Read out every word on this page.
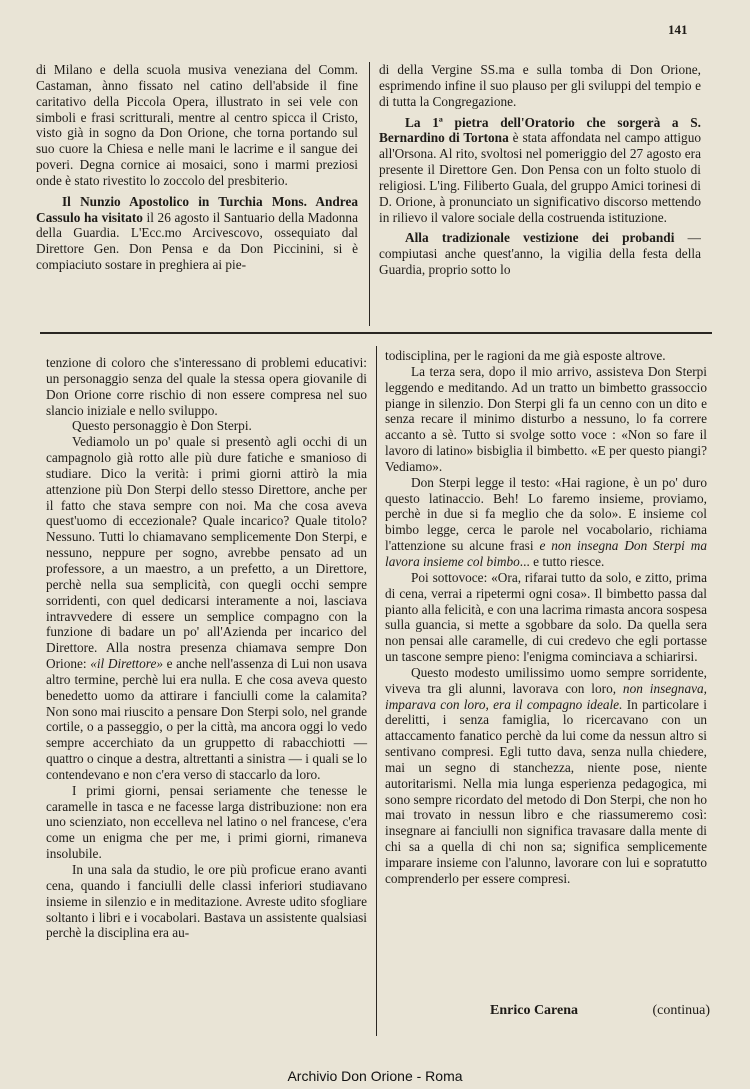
141

di Milano e della scuola musiva veneziana del Comm. Castaman, ànno fissato nel catino dell'abside il fine caritativo della Piccola Opera, illustrato in sei vele con simboli e frasi scritturali, mentre al centro spicca il Cristo, visto già in sogno da Don Orione, che torna portando sul suo cuore la Chiesa e nelle mani le lacrime e il sangue dei poveri. Degna cornice ai mosaici, sono i marmi preziosi onde è stato rivestito lo zoccolo del presbiterio.

Il Nunzio Apostolico in Turchia Mons. Andrea Cassulo ha visitato il 26 agosto il Santuario della Madonna della Guardia. L'Ecc.mo Arcivescovo, ossequiato dal Direttore Gen. Don Pensa e da Don Piccinini, si è compiaciuto sostare in preghiera ai pie-

di della Vergine SS.ma e sulla tomba di Don Orione, esprimendo infine il suo plauso per gli sviluppi del tempio e di tutta la Congregazione.

La 1ª pietra dell'Oratorio che sorgerà a S. Bernardino di Tortona è stata affondata nel campo attiguo all'Orsona. Al rito, svoltosi nel pomeriggio del 27 agosto era presente il Direttore Gen. Don Pensa con un folto stuolo di religiosi. L'ing. Filiberto Guala, del gruppo Amici torinesi di D. Orione, à pronunciato un significativo discorso mettendo in rilievo il valore sociale della costruenda istituzione.

Alla tradizionale vestizione dei probandi — compiutasi anche quest'anno, la vigilia della festa della Guardia, proprio sotto lo

tenzione di coloro che s'interessano di problemi educativi: un personaggio senza del quale la stessa opera giovanile di Don Orione corre rischio di non essere compresa nel suo slancio iniziale e nello sviluppo.

Questo personaggio è Don Sterpi.

Vediamolo un po' quale si presentò agli occhi di un campagnolo già rotto alle più dure fatiche e smanioso di studiare. Dico la verità: i primi giorni attirò la mia attenzione più Don Sterpi dello stesso Direttore, anche per il fatto che stava sempre con noi. Ma che cosa aveva quest'uomo di eccezionale? Quale incarico? Quale titolo? Nessuno. Tutti lo chiamavano semplicemente Don Sterpi, e nessuno, neppure per sogno, avrebbe pensato ad un professore, a un maestro, a un prefetto, a un Direttore, perchè nella sua semplicità, con quegli occhi sempre sorridenti, con quel dedicarsi interamente a noi, lasciava intravvedere di essere un semplice compagno con la funzione di badare un po' all'Azienda per incarico del Direttore. Alla nostra presenza chiamava sempre Don Orione: «il Direttore» e anche nell'assenza di Lui non usava altro termine, perchè lui era nulla. E che cosa aveva questo benedetto uomo da attirare i fanciulli come la calamita? Non sono mai riuscito a pensare Don Sterpi solo, nel grande cortile, o a passeggio, o per la città, ma ancora oggi lo vedo sempre accerchiato da un gruppetto di rabacchiotti — quattro o cinque a destra, altrettanti a sinistra — i quali se lo contendevano e non c'era verso di staccarlo da loro.

I primi giorni, pensai seriamente che tenesse le caramelle in tasca e ne facesse larga distribuzione: non era uno scienziato, non eccelleva nel latino o nel francese, c'era come un enigma che per me, i primi giorni, rimaneva insolubile.

In una sala da studio, le ore più proficue erano avanti cena, quando i fanciulli delle classi inferiori studiavano insieme in silenzio e in meditazione. Avreste udito sfogliare soltanto i libri e i vocabolari. Bastava un assistente qualsiasi perchè la disciplina era au-

todisciplina, per le ragioni da me già esposte altrove.

La terza sera, dopo il mio arrivo, assisteva Don Sterpi leggendo e meditando. Ad un tratto un bimbetto grassoccio piange in silenzio. Don Sterpi gli fa un cenno con un dito e senza recare il minimo disturbo a nessuno, lo fa correre accanto a sè. Tutto si svolge sotto voce : «Non so fare il lavoro di latino» bisbiglia il bimbetto. «E per questo piangi? Vediamo».

Don Sterpi legge il testo: «Hai ragione, è un po' duro questo latinaccio. Beh! Lo faremo insieme, proviamo, perchè in due si fa meglio che da solo». E insieme col bimbo legge, cerca le parole nel vocabolario, richiama l'attenzione su alcune frasi e non insegna Don Sterpi ma lavora insieme col bimbo... e tutto riesce.

Poi sottovoce: «Ora, rifarai tutto da solo, e zitto, prima di cena, verrai a ripetermi ogni cosa». Il bimbetto passa dal pianto alla felicità, e con una lacrima rimasta ancora sospesa sulla guancia, si mette a sgobbare da solo. Da quella sera non pensai alle caramelle, di cui credevo che egli portasse un tascone sempre pieno: l'enigma cominciava a schiarirsi.

Questo modesto umilissimo uomo sempre sorridente, viveva tra gli alunni, lavorava con loro, non insegnava, imparava con loro, era il compagno ideale. In particolare i derelitti, i senza famiglia, lo ricercavano con un attaccamento fanatico perchè da lui come da nessun altro si sentivano compresi. Egli tutto dava, senza nulla chiedere, mai un segno di stanchezza, niente pose, niente autoritarismi. Nella mia lunga esperienza pedagogica, mi sono sempre ricordato del metodo di Don Sterpi, che non ho mai trovato in nessun libro e che riassumeremo così: insegnare ai fanciulli non significa travasare dalla mente di chi sa a quella di chi non sa; significa semplicemente imparare insieme con l'alunno, lavorare con lui e sopratutto comprenderlo per essere compresi.

Enrico Carena	(continua)
Archivio Don Orione - Roma
